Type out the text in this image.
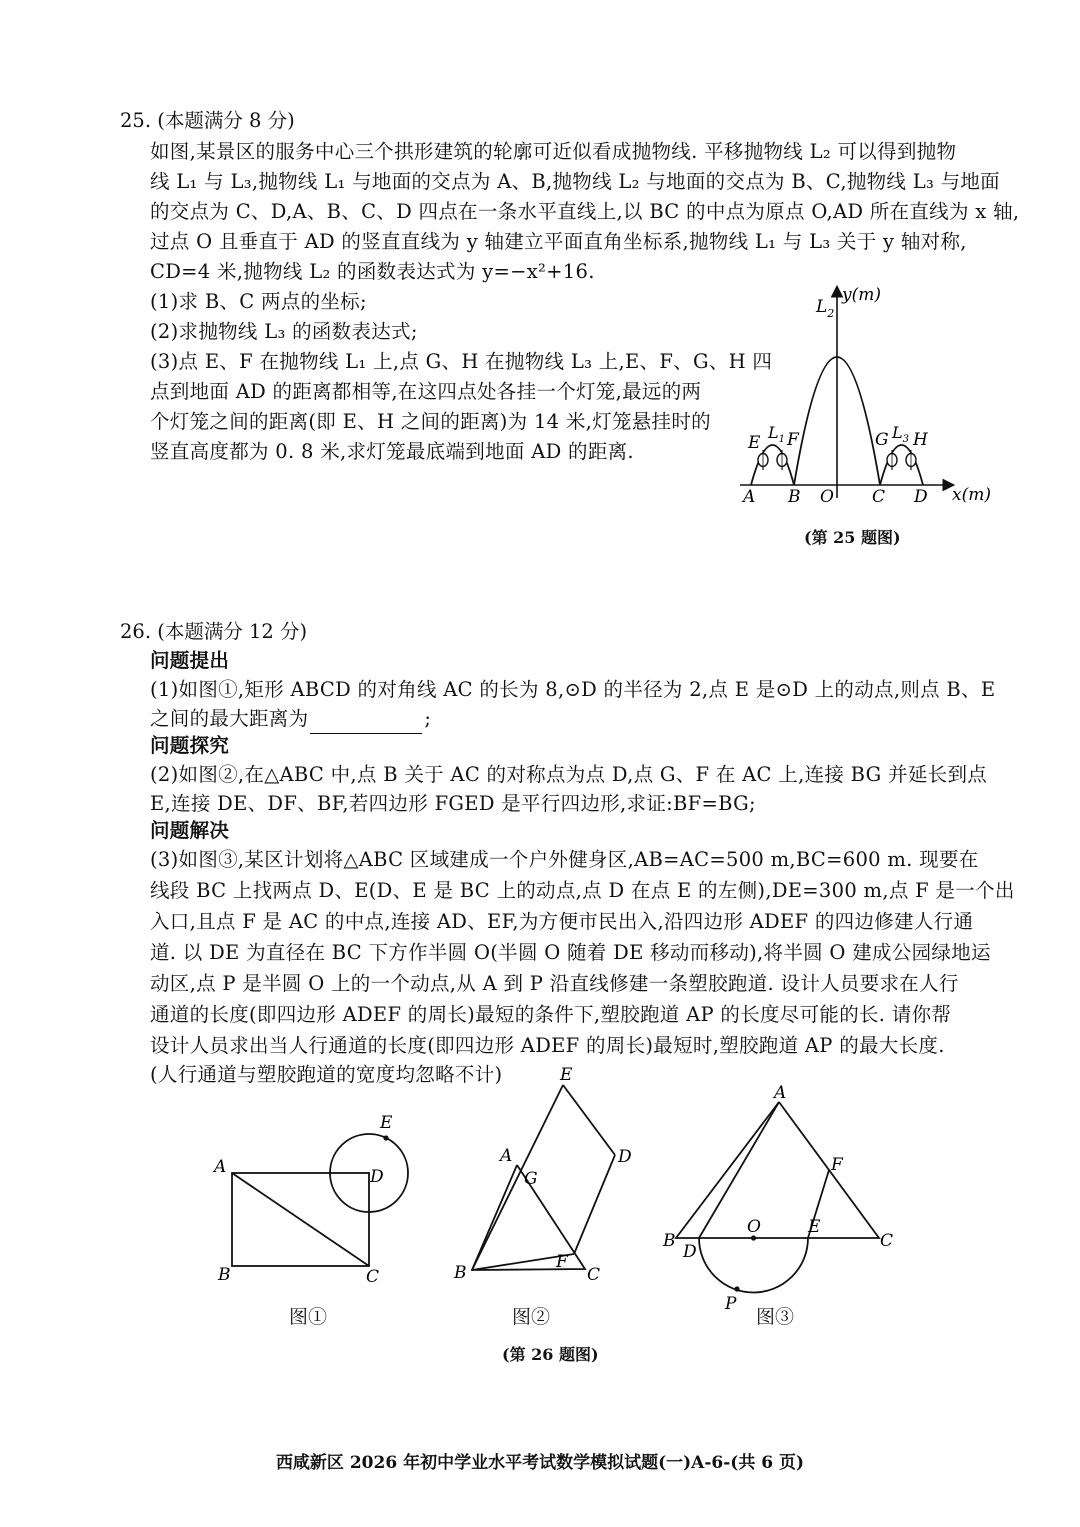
25. (本题满分 8 分)
如图,某景区的服务中心三个拱形建筑的轮廓可近似看成抛物线. 平移抛物线 L₂ 可以得到抛物
线 L₁ 与 L₃,抛物线 L₁ 与地面的交点为 A、B,抛物线 L₂ 与地面的交点为 B、C,抛物线 L₃ 与地面
的交点为 C、D,A、B、C、D 四点在一条水平直线上,以 BC 的中点为原点 O,AD 所在直线为 x 轴,
过点 O 且垂直于 AD 的竖直直线为 y 轴建立平面直角坐标系,抛物线 L₁ 与 L₃ 关于 y 轴对称,
CD=4 米,抛物线 L₂ 的函数表达式为 y=−x²+16.
(1)求 B、C 两点的坐标;
(2)求抛物线 L₃ 的函数表达式;
(3)点 E、F 在抛物线 L₁ 上,点 G、H 在抛物线 L₃ 上,E、F、G、H 四
点到地面 AD 的距离都相等,在这四点处各挂一个灯笼,最远的两
个灯笼之间的距离(即 E、H 之间的距离)为 14 米,灯笼悬挂时的
竖直高度都为 0. 8 米,求灯笼最底端到地面 AD 的距离.
y(m)
x(m)
$L_2$
$L_1$	$L_3$
E F	G H
A B O C D
(第 25 题图)
26. (本题满分 12 分)
问题提出
(1)如图①,矩形 ABCD 的对角线 AC 的长为 8,⊙D 的半径为 2,点 E 是⊙D 上的动点,则点 B、E
之间的最大距离为	;
问题探究
(2)如图②,在△ABC 中,点 B 关于 AC 的对称点为点 D,点 G、F 在 AC 上,连接 BG 并延长到点
E,连接 DE、DF、BF,若四边形 FGED 是平行四边形,求证:BF=BG;
问题解决
(3)如图③,某区计划将△ABC 区域建成一个户外健身区,AB=AC=500 m,BC=600 m. 现要在
线段 BC 上找两点 D、E(D、E 是 BC 上的动点,点 D 在点 E 的左侧),DE=300 m,点 F 是一个出
入口,且点 F 是 AC 的中点,连接 AD、EF,为方便市民出入,沿四边形 ADEF 的四边修建人行通
道. 以 DE 为直径在 BC 下方作半圆 O(半圆 O 随着 DE 移动而移动),将半圆 O 建成公园绿地运
动区,点 P 是半圆 O 上的一个动点,从 A 到 P 沿直线修建一条塑胶跑道. 设计人员要求在人行
通道的长度(即四边形 ADEF 的周长)最短的条件下,塑胶跑道 AP 的长度尽可能的长. 请你帮
设计人员求出当人行通道的长度(即四边形 ADEF 的周长)最短时,塑胶跑道 AP 的最大长度.
(人行通道与塑胶跑道的宽度均忽略不计)
A
B	C
D
E
图①
E
A
G
D
F
B	C
图②
A
F
B
D
O	E
C
P
图③
(第 26 题图)
西咸新区 2026 年初中学业水平考试数学模拟试题(一)A-6-(共 6 页)
